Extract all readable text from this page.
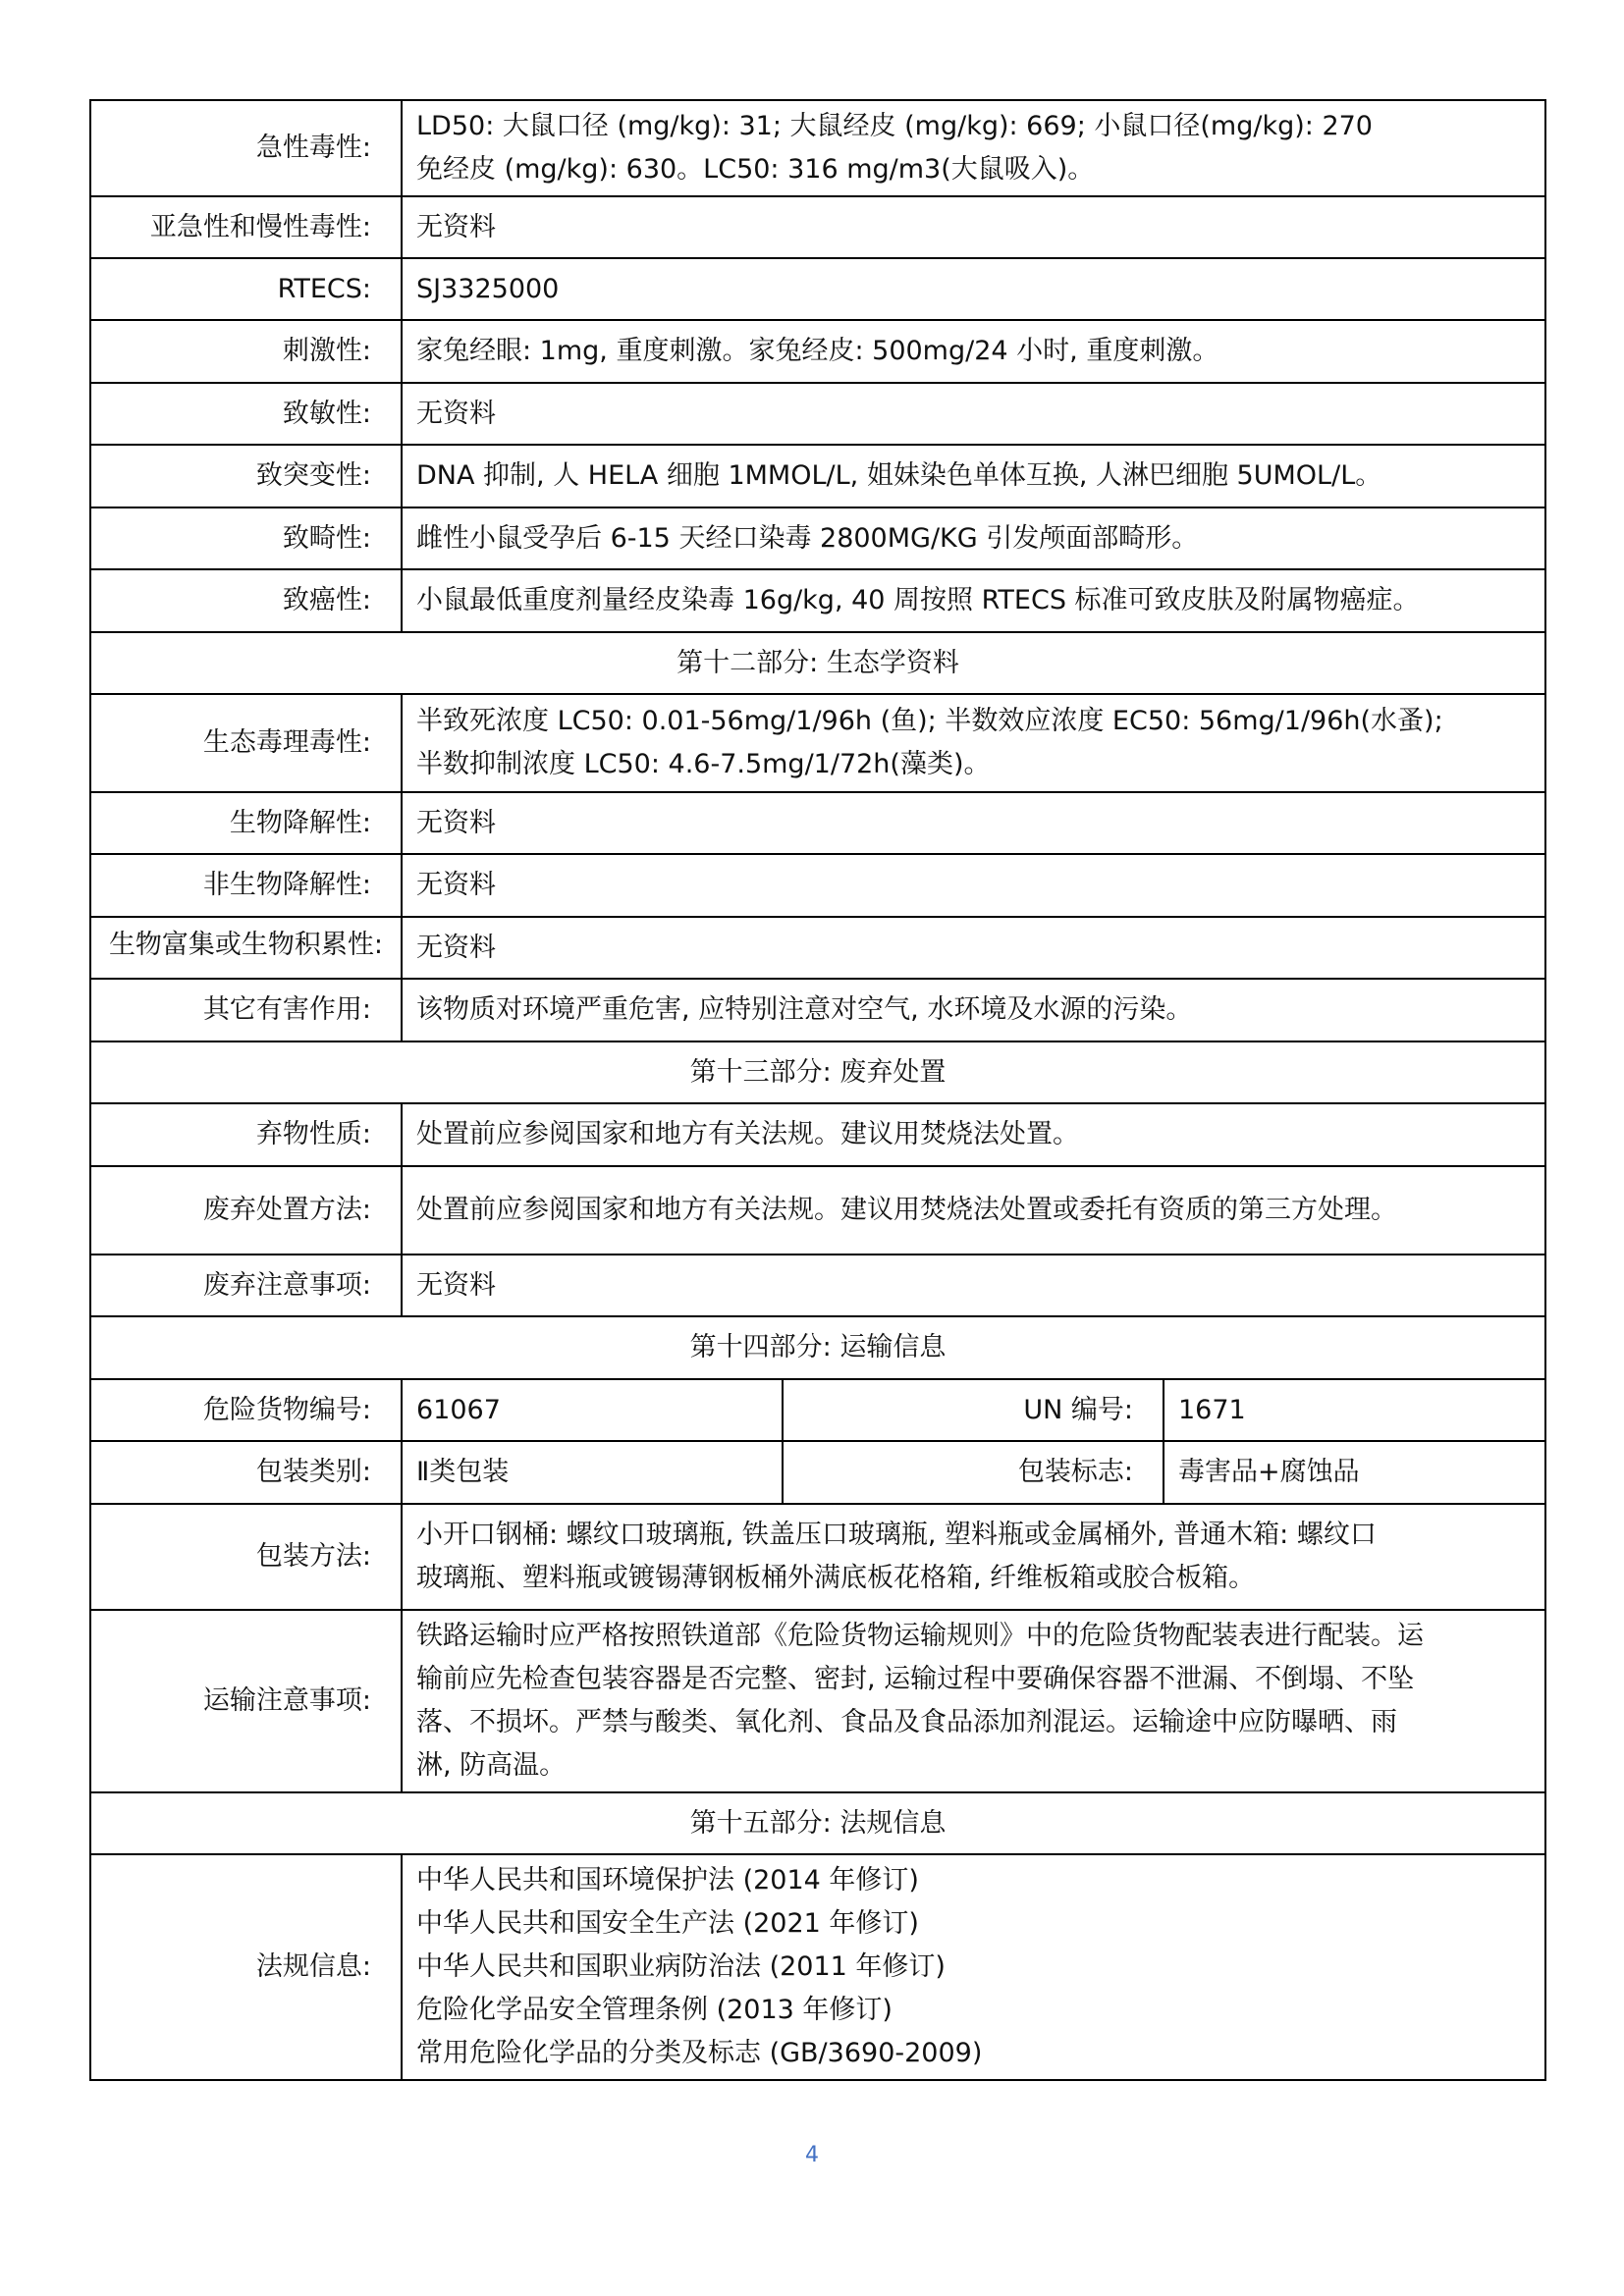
急性毒性:	LD50: 大鼠口径 (mg/kg): 31; 大鼠经皮 (mg/kg): 669; 小鼠口径(mg/kg): 270
免经皮 (mg/kg): 630。LC50: 316 mg/m3(大鼠吸入)。		

亚急性和慢性毒性:	无资料		
RTECS:	SJ3325000		
刺激性:	家兔经眼: 1mg, 重度刺激。家兔经皮: 500mg/24 小时, 重度刺激。		
致敏性:	无资料		
致突变性:	DNA 抑制, 人 HELA 细胞 1MMOL/L, 姐妹染色单体互换, 人淋巴细胞 5UMOL/L。		
致畸性:	雌性小鼠受孕后 6-15 天经口染毒 2800MG/KG 引发颅面部畸形。		
致癌性:	小鼠最低重度剂量经皮染毒 16g/kg, 40 周按照 RTECS 标准可致皮肤及附属物癌症。		
第十二部分: 生态学资料			
生态毒理毒性:	半致死浓度 LC50: 0.01-56mg/1/96h (鱼); 半数效应浓度 EC50: 56mg/1/96h(水蚤);
半数抑制浓度 LC50: 4.6-7.5mg/1/72h(藻类)。		

生物降解性:	无资料		
非生物降解性:	无资料		

生物富集或生物积累性:	无资料		
其它有害作用:	该物质对环境严重危害, 应特别注意对空气, 水环境及水源的污染。		
第十三部分: 废弃处置			
弃物性质:	处置前应参阅国家和地方有关法规。建议用焚烧法处置。		
废弃处置方法:	处置前应参阅国家和地方有关法规。建议用焚烧法处置或委托有资质的第三方处理。		
废弃注意事项:	无资料		
第十四部分: 运输信息			
危险货物编号:	61067	UN 编号:	1671
包装类别:	Ⅱ类包装	包装标志:	毒害品+腐蚀品
包装方法:	小开口钢桶: 螺纹口玻璃瓶, 铁盖压口玻璃瓶, 塑料瓶或金属桶外, 普通木箱: 螺纹口
玻璃瓶、塑料瓶或镀锡薄钢板桶外满底板花格箱, 纤维板箱或胶合板箱。		

运输注意事项:	铁路运输时应严格按照铁道部《危险货物运输规则》中的危险货物配装表进行配装。运
输前应先检查包装容器是否完整、密封, 运输过程中要确保容器不泄漏、不倒塌、不坠
落、不损坏。严禁与酸类、氧化剂、食品及食品添加剂混运。运输途中应防曝晒、雨
淋, 防高温。		

第十五部分: 法规信息			
法规信息:	中华人民共和国环境保护法 (2014 年修订)
中华人民共和国安全生产法 (2021 年修订)
中华人民共和国职业病防治法 (2011 年修订)
危险化学品安全管理条例 (2013 年修订)
常用危险化学品的分类及标志 (GB/3690-2009)		
4
